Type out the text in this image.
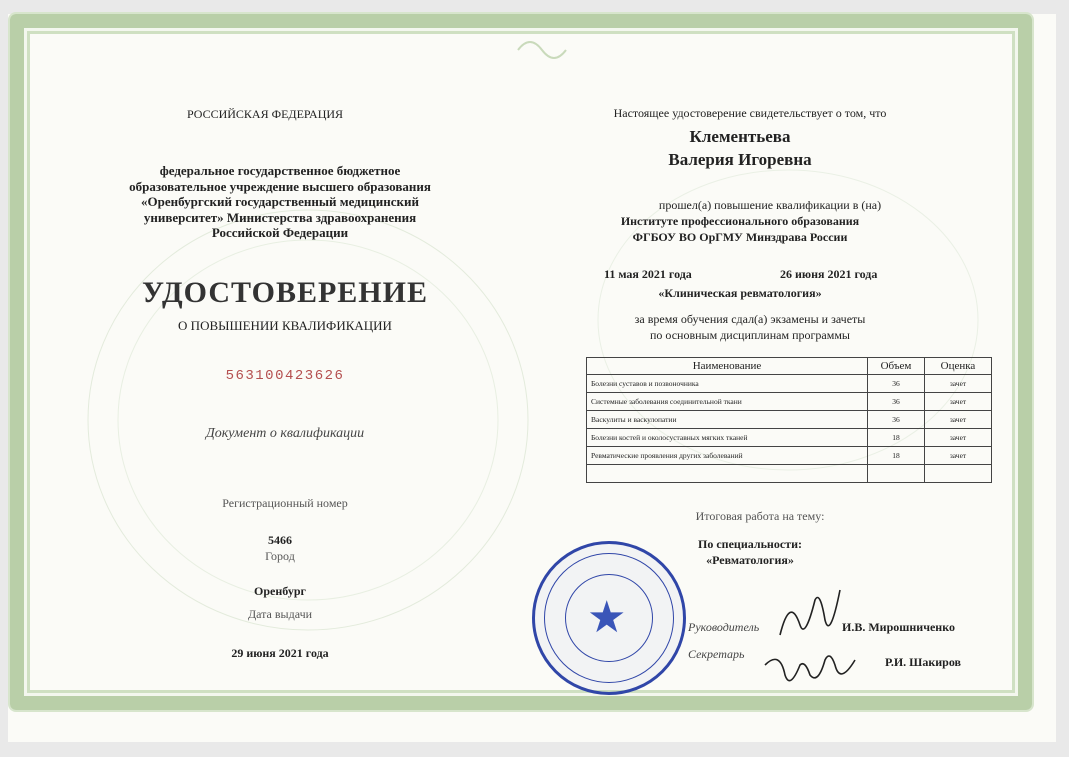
РОССИЙСКАЯ ФЕДЕРАЦИЯ
федеральное государственное бюджетное
образовательное учреждение высшего образования
«Оренбургский государственный медицинский
университет» Министерства здравоохранения
Российской Федерации
УДОСТОВЕРЕНИЕ
О ПОВЫШЕНИИ КВАЛИФИКАЦИИ
563100423626
Документ о квалификации
Регистрационный номер
5466
Город
Оренбург
Дата выдачи
29 июня 2021 года
Настоящее удостоверение свидетельствует о том, что
Клементьева
Валерия Игоревна
прошел(а) повышение квалификации в (на)
Институте профессионального образования
ФГБОУ ВО ОрГМУ Минздрава России
11 мая 2021 года	26 июня 2021 года
«Клиническая ревматология»
за время обучения сдал(а) экзамены и зачеты
по основным дисциплинам программы
Наименование	Объем	Оценка
Болезни суставов и позвоночника	36	зачет
Системные заболевания соединительной ткани	36	зачет
Васкулиты и васкулопатии	36	зачет
Болезни костей и околосуставных мягких тканей	18	зачет
Ревматические проявления других заболеваний	18	зачет

Итоговая работа на тему:
По специальности:
«Ревматология»
★	Руководитель	И.В. Мирошниченко
Секретарь
Р.И. Шакиров
